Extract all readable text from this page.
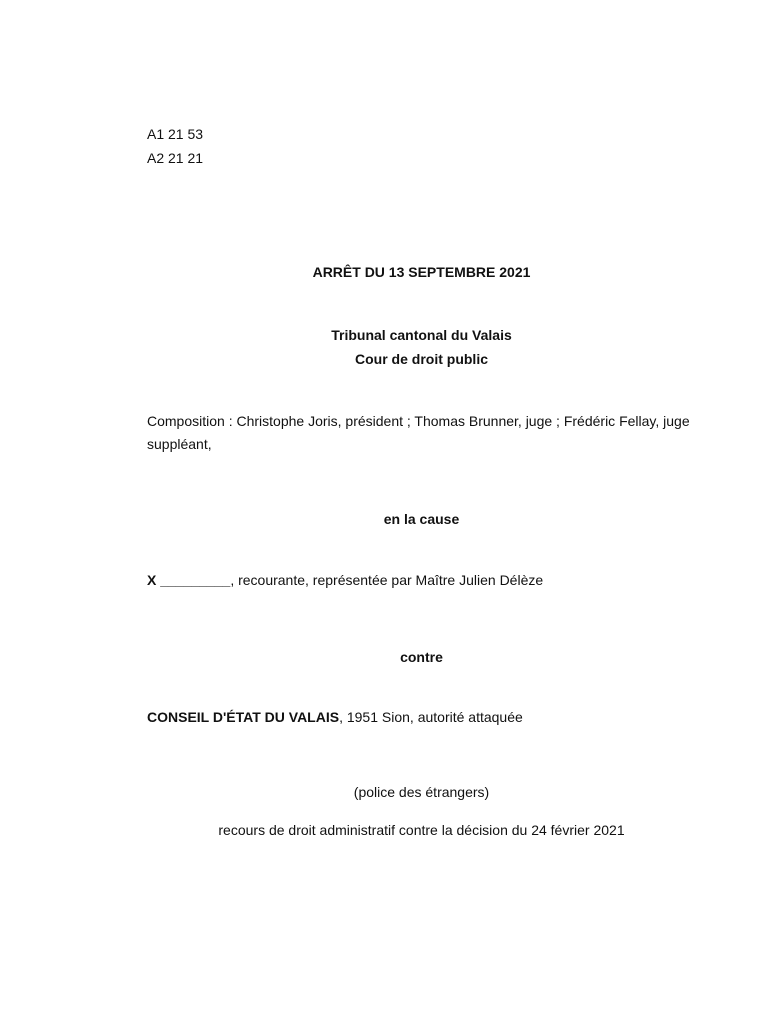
A1 21 53
A2 21 21
ARRÊT DU 13 SEPTEMBRE 2021
Tribunal cantonal du Valais
Cour de droit public
Composition : Christophe Joris, président ; Thomas Brunner, juge ; Frédéric Fellay, juge suppléant,
en la cause
X _________, recourante, représentée par Maître Julien Délèze
contre
CONSEIL D'ÉTAT DU VALAIS, 1951 Sion, autorité attaquée
(police des étrangers)
recours de droit administratif contre la décision du 24 février 2021
